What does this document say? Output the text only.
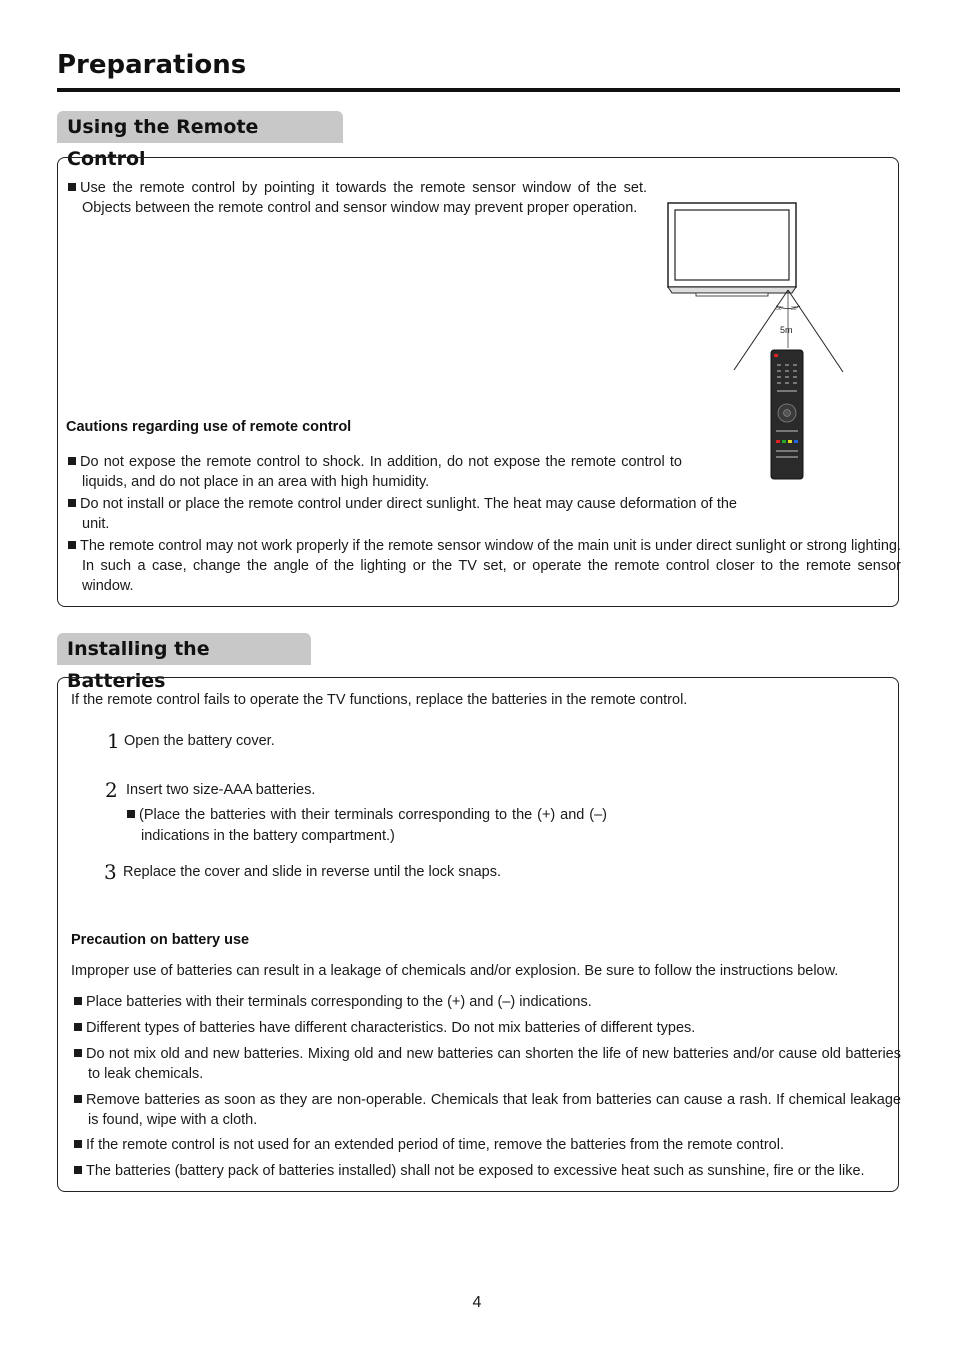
Preparations
Using the Remote Control
Use the remote control by pointing it towards the remote sensor window of the set. Objects between the remote control and sensor window may prevent proper operation.
30° 30°
5m
Cautions regarding use of remote control
Do not expose the remote control to shock. In addition, do not expose the remote control to liquids, and do not place in an area with high humidity.
Do not install or place the remote control under direct sunlight. The heat may cause deformation of the unit.
The remote control may not work properly if the remote sensor window of the main unit is under direct sunlight or strong lighting. In such a case, change the angle of the lighting or the TV set, or operate the remote control closer to the remote sensor window.
Installing the Batteries
If the remote control fails to operate the TV functions, replace the batteries in the remote control.
1 Open the battery cover.
2 Insert two size-AAA batteries.
(Place the batteries with their terminals corresponding to the (+) and (–) indications in the battery compartment.)
3 Replace the cover and slide in reverse until the lock snaps.
Precaution on battery use
Improper use of batteries can result in a leakage of chemicals and/or explosion. Be sure to follow the instructions below.
Place batteries with their terminals corresponding to the (+) and (–) indications.
Different types of batteries have different characteristics. Do not mix batteries of different types.
Do not mix old and new batteries. Mixing old and new batteries can shorten the life of new batteries and/or cause old batteries to leak chemicals.
Remove batteries as soon as they are non-operable. Chemicals that leak from batteries can cause a rash. If chemical leakage is found, wipe with a cloth.
If the remote control is not used for an extended period of time, remove the batteries from the remote control.
The batteries (battery pack of batteries installed) shall not be exposed to excessive heat such as sunshine, fire or the like.
4
